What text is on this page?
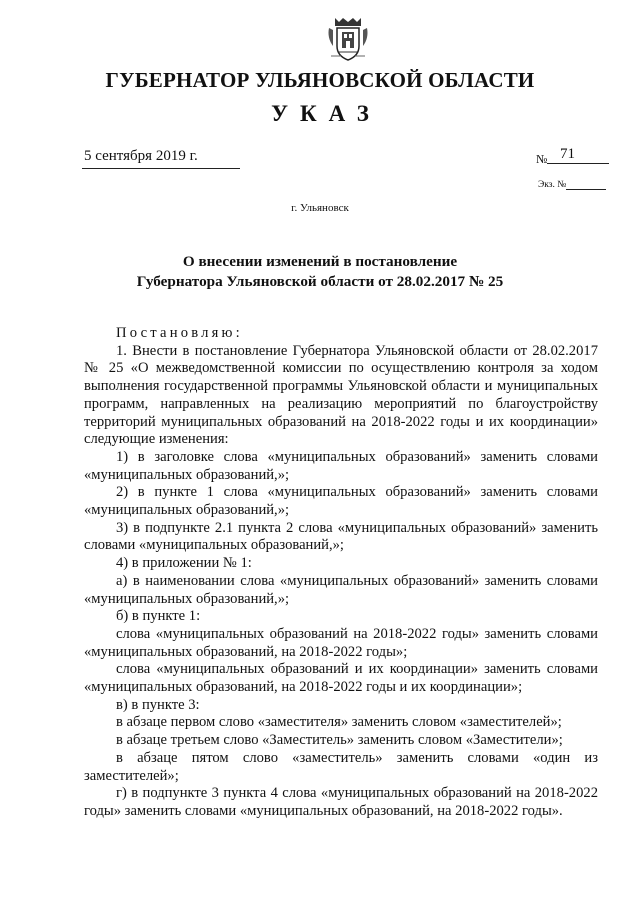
ГУБЕРНАТОР УЛЬЯНОВСКОЙ ОБЛАСТИ
УКАЗ
5 сентября 2019 г.	№ 71
Экз. №
г. Ульяновск
О внесении изменений в постановление
Губернатора Ульяновской области от 28.02.2017 № 25

Постановляю:

1. Внести в постановление Губернатора Ульяновской области от 28.02.2017 № 25 «О межведомственной комиссии по осуществлению контроля за ходом выполнения государственной программы Ульяновской области и муниципальных программ, направленных на реализацию мероприятий по благоустройству территорий муниципальных образований на 2018-2022 годы и их координации» следующие изменения:

1) в заголовке слова «муниципальных образований» заменить словами «муниципальных образований,»;

2) в пункте 1 слова «муниципальных образований» заменить словами «муниципальных образований,»;

3) в подпункте 2.1 пункта 2 слова «муниципальных образований» заменить словами «муниципальных образований,»;

4) в приложении № 1:

а) в наименовании слова «муниципальных образований» заменить словами «муниципальных образований,»;

б) в пункте 1:

слова «муниципальных образований на 2018-2022 годы» заменить словами «муниципальных образований, на 2018-2022 годы»;

слова «муниципальных образований и их координации» заменить словами «муниципальных образований, на 2018-2022 годы и их координации»;

в) в пункте 3:

в абзаце первом слово «заместителя» заменить словом «заместителей»;

в абзаце третьем слово «Заместитель» заменить словом «Заместители»;

в абзаце пятом слово «заместитель» заменить словами «один из заместителей»;

г) в подпункте 3 пункта 4 слова «муниципальных образований на 2018-2022 годы» заменить словами «муниципальных образований, на 2018-2022 годы».
